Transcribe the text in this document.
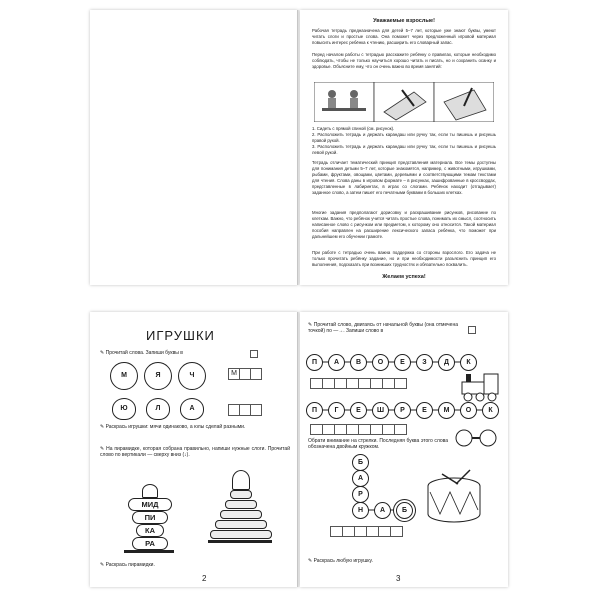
Уважаемые взрослые!
Рабочая тетрадь предназначена для детей 5–7 лет, которые уже знают буквы, умеют читать слоги и простые слова. Она поможет через предложенный игровой материал повысить интерес ребёнка к чтению, расширить его словарный запас.
Перед началом работы с тетрадью расскажите ребёнку о правилах, которые необходимо соблюдать, чтобы не только научиться хорошо читать и писать, но и сохранить осанку и здоровье. Объясните ему, что он очень важно во время занятий:
1. Сидеть с прямой спиной (см. рисунок).
2. Расположить тетрадь и держать карандаш или ручку так, если ты пишешь и рисуешь правой рукой.
3. Расположить тетрадь и держать карандаш или ручку так, если ты пишешь и рисуешь левой рукой.
Тетрадь отличает тематический принцип представления материала. Все темы доступны для понимания детьми 5–7 лет, которые знакомятся, например, с животными, игрушками, рыбами, фруктами, овощами, цветами, деревьями и соответствующими темам текстами для чтения. Слова даны в игровом формате – в рисунках, зашифрованные в кроссвордах, представленные в лабиринтах, в играх со слогами. Ребёнок находит (отгадывает) заданное слово, а затем пишет его печатными буквами в больших клетках.
Многие задания предполагают дорисовку и раскрашивание рисунков, рисование по клеткам. Важно, что ребёнок учится читать простые слова, понимать их смысл, соотносить написанное слово с рисунком или предметом, к которому оно относится. Такой материал пособия направлен на расширение лексического запаса ребёнка, что поможет при дальнейшем его обучении грамоте.
При работе с тетрадью очень важна поддержка со стороны взрослого. Его задача не только прочитать ребёнку задание, но и при необходимости разъяснить принцип его выполнения, подсказать при возникших трудностях и обязательно похвалить.
Желаем успеха!
ИГРУШКИ
✎ Прочитай слова. Запиши буквы в
М	Я	Ч	М
Ю	Л	А
✎ Раскрась игрушки: мячи одинаково, а юлы сделай разными.
✎ На пирамидке, которая собрана правильно, напиши нужные слоги. Прочитай слово по вертикали — сверху вниз (↓).
МИД
ПИ
КА
РА
✎ Раскрась пирамидки.
2
✎ Прочитай слово, двигаясь от начальной буквы (она отмечена точкой) по —→. Запиши слово в
П	А	В	О	Е	З	Д	К
П	Г	Е	Ш	Р	Е	М	О	К
Обрати внимание на стрелки. Последняя буква этого слова обозначена двойным кружком.
Б
А
Р
Н	А	Б
✎ Раскрась любую игрушку.
3
